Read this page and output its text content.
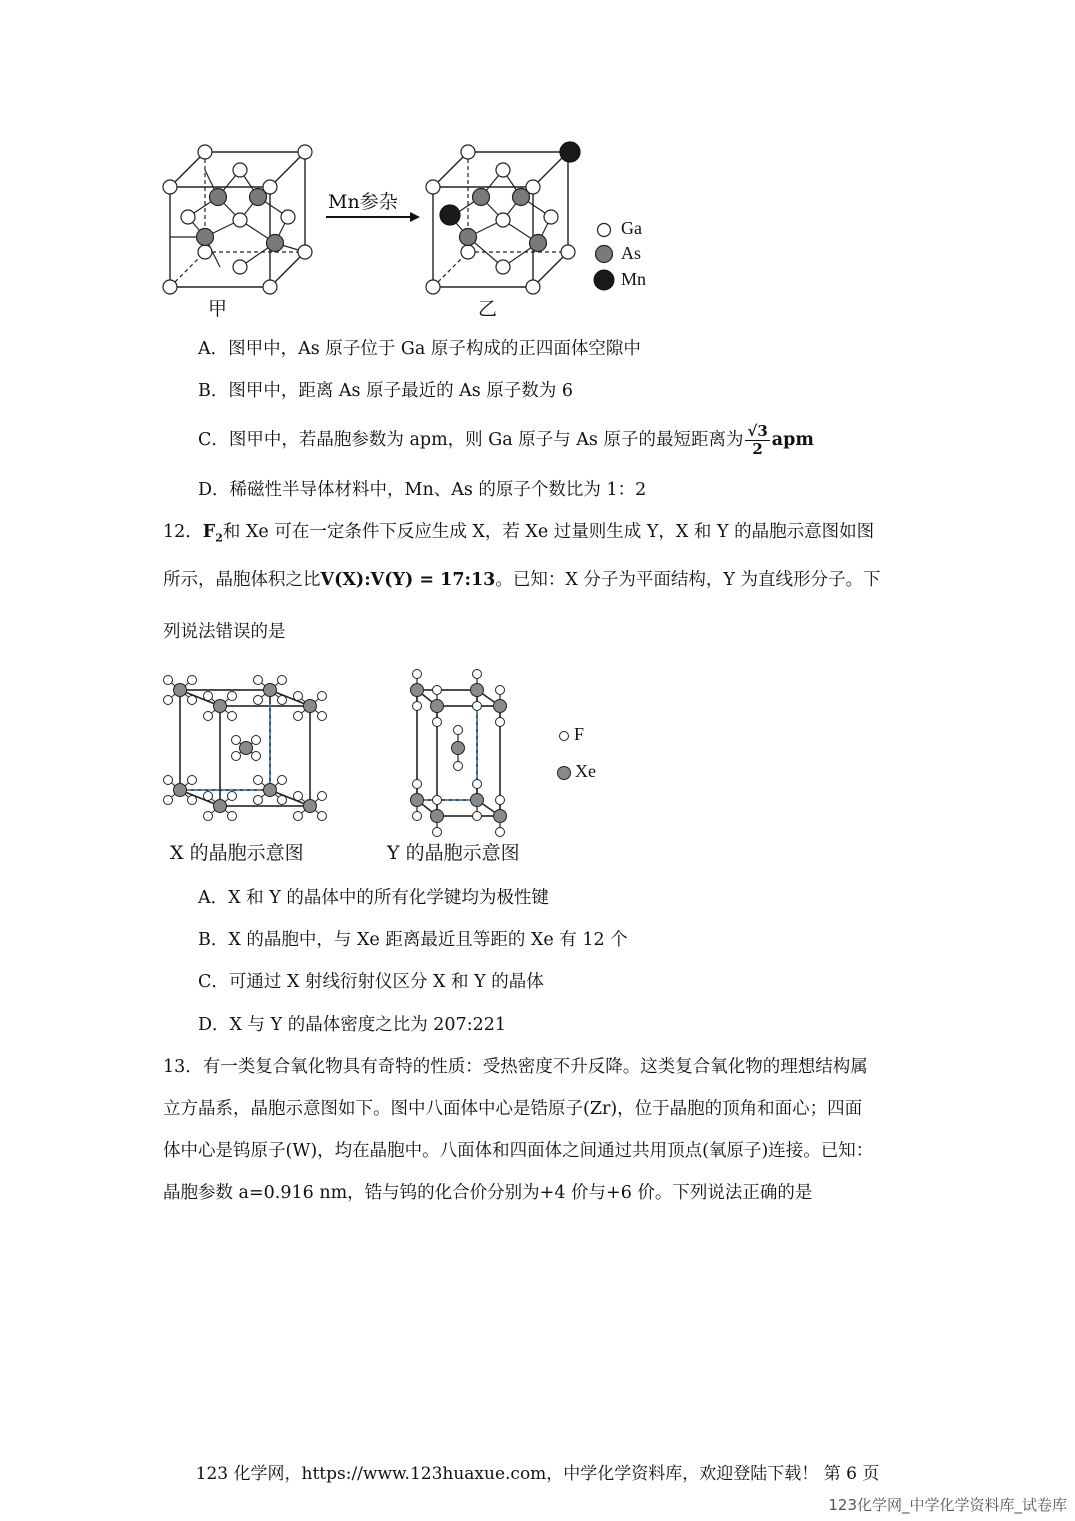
Mn参杂
甲	乙
Ga
As
Mn
A．图甲中，As 原子位于 Ga 原子构成的正四面体空隙中
B．图甲中，距离 As 原子最近的 As 原子数为 6
C．图甲中，若晶胞参数为 apm，则 Ga 原子与 As 原子的最短距离为 $\frac{√3}{2}$ apm
D．稀磁性半导体材料中，Mn、As 的原子个数比为 1：2
12．$F_2$和 Xe 可在一定条件下反应生成 X，若 Xe 过量则生成 Y，X 和 Y 的晶胞示意图如图
所示，晶胞体积之比V(X):V(Y) = 17:13。已知：X 分子为平面结构，Y 为直线形分子。下
列说法错误的是
F
Xe
X 的晶胞示意图	Y 的晶胞示意图
A．X 和 Y 的晶体中的所有化学键均为极性键
B．X 的晶胞中，与 Xe 距离最近且等距的 Xe 有 12 个
C．可通过 X 射线衍射仪区分 X 和 Y 的晶体
D．X 与 Y 的晶体密度之比为 207:221
13．有一类复合氧化物具有奇特的性质：受热密度不升反降。这类复合氧化物的理想结构属
立方晶系，晶胞示意图如下。图中八面体中心是锆原子(Zr)，位于晶胞的顶角和面心；四面
体中心是钨原子(W)，均在晶胞中。八面体和四面体之间通过共用顶点(氧原子)连接。已知：
晶胞参数 a=0.916 nm，锆与钨的化合价分别为+4 价与+6 价。下列说法正确的是
123 化学网，https://www.123huaxue.com，中学化学资料库，欢迎登陆下载！ 第 6 页
123化学网_中学化学资料库_试卷库
